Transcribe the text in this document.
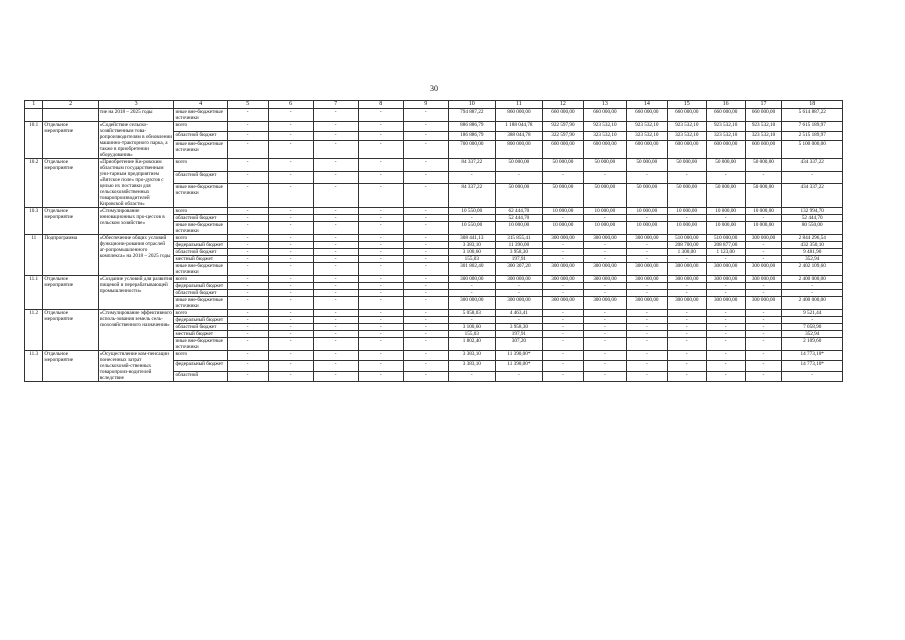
30
1	2	3	4	5	6	7	8	9	10	11	12	13	14	15	16	17	18
		тие на 2018 – 2025 годы	иные вне-бюджетные источники	-	-	-	-	-	794 887,22	860 000,00	660 000,00	660 000,00	660 000,00	660 000,00	660 000,00	660 000,00	5 614 887,22
10.1	Отдельное мероприятие	«Содействие сельско-хозяйственным това-ропроизводителям в обновлении машинно-тракторного парка, а также в приобретении оборудования»	всего	-	-	-	-	-	886 886,79	1 188 044,78	922 597,90	923 532,10	923 532,10	923 532,10	923 532,10	923 532,10	7 615 189,97
			областной бюджет	-	-	-	-	-	186 886,79	388 044,78	322 597,90	323 532,10	323 532,10	323 532,10	323 532,10	323 532,10	2 515 189,97
			иные вне-бюджетные источники	-	-	-	-	-	700 000,00	800 000,00	600 000,00	600 000,00	600 000,00	600 000,00	600 000,00	600 000,00	5 100 000,00
10.2	Отдельное мероприятие	«Приобретение Ки-ровским областным государственным уни-тарным предприятием «Вятское поле» про-дуктов с целью их поставки для сельскохозяйственных товаропроизводителей Кировской области»	всего	-	-	-	-	-	84 337,22	50 000,00	50 000,00	50 000,00	50 000,00	50 000,00	50 000,00	50 000,00	434 337,22
			областной бюджет	-	-	-	-	-	-	-	-	-	-	-	-	-	-
			иные вне-бюджетные источники	-	-	-	-	-	84 337,22	50 000,00	50 000,00	50 000,00	50 000,00	50 000,00	50 000,00	50 000,00	434 337,22
10.3	Отдельное мероприятие	«Стимулирование инновационных про-цессов в сельском хозяйстве»	всего	-	-	-	-	-	10 550,00	62 444,70	10 000,00	10 000,00	10 000,00	10 000,00	10 000,00	10 000,00	132 994,70
			областной бюджет	-	-	-	-	-	-	52 444,70	-	-	-	-	-	-	52 444,70
			иные вне-бюджетные источники	-	-	-	-	-	10 550,00	10 000,00	10 000,00	10 000,00	10 000,00	10 000,00	10 000,00	10 000,00	80 550,00
11	Подпрограмма	«Обеспечение общих условий функциони-рования отраслей аг-ропромышленного комплекса» на 2018 – 2025 годы	всего	-	-	-	-	-	308 441,13	315 855,41	300 000,00	300 000,00	300 000,00	510 000,00	510 000,00	300 000,00	2 844 296,54
			федеральный бюджет	-	-	-	-	-	3 383,10	11 390,00	-	-	-	208 700,00	208 877,00	-	432 350,10
			областной бюджет	-	-	-	-	-	3 100,60	3 958,30	-	-	-	1 300,00	1 123,00	-	9 481,90
			местный бюджет	-	-	-	-	-	155,03	197,91	-	-	-	-	-	-	352,94
			иные вне-бюджетные источники	-	-	-	-	-	301 802,40	300 307,20	300 000,00	300 000,00	300 000,00	300 000,00	300 000,00	300 000,00	2 402 109,60
11.1	Отдельное мероприятие	«Создание условий для развития пищевой и перерабатывающей промышленности»	всего	-	-	-	-	-	300 000,00	300 000,00	300 000,00	300 000,00	300 000,00	300 000,00	300 000,00	300 000,00	2 400 000,00
			федеральный бюджет	-	-	-	-	-	-	-	-	-	-	-	-	-	-
			областной бюджет	-	-	-	-	-	-	-	-	-	-	-	-	-	-
			иные вне-бюджетные источники	-	-	-	-	-	300 000,00	300 000,00	300 000,00	300 000,00	300 000,00	300 000,00	300 000,00	300 000,00	2 400 000,00
11.2	Отдельное мероприятие	«Стимулирование эффективного исполь-зования земель сель-скохозяйственного назначения»	всего	-	-	-	-	-	5 058,03	4 463,41	-	-	-	-	-	-	9 521,44
			федеральный бюджет	-	-	-	-	-	-	-	-	-	-	-	-	-	-
			областной бюджет	-	-	-	-	-	3 100,60	3 958,30	-	-	-	-	-	-	7 058,90
			местный бюджет	-	-	-	-	-	155,03	197,91	-	-	-	-	-	-	352,94
			иные вне-бюджетные источники	-	-	-	-	-	1 802,40	307,20	-	-	-	-	-	-	2 109,60
11.3	Отдельное мероприятие	«Осуществление ком-пенсации понесенных затрат сельскохозяй-ственных товаропроиз-водителей вследствие	всего	-	-	-	-	-	3 383,10	11 390,00*	-	-	-	-	-	-	14 773,10*
			федеральный бюджет	-	-	-	-	-	3 383,10	11 390,00*	-	-	-	-	-	-	14 773,10*
			областной	-	-	-	-	-	-	-	-	-	-	-	-	-	-
